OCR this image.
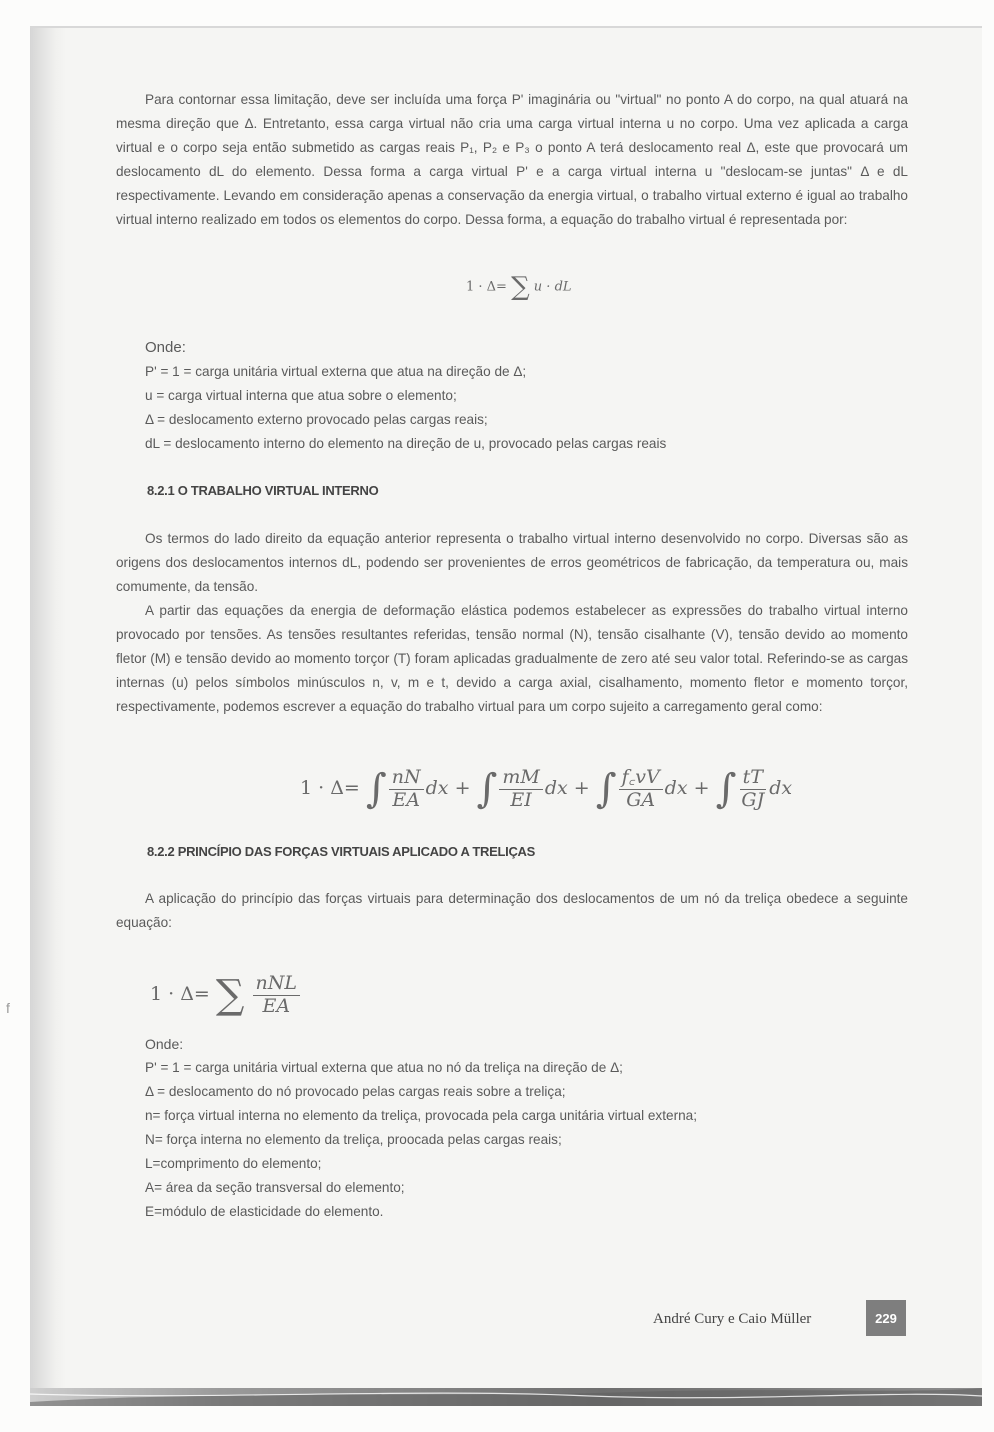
f

Para contornar essa limitação, deve ser incluída uma força P' imaginária ou "virtual" no ponto A do corpo, na qual atuará na mesma direção que Δ. Entretanto, essa carga virtual não cria uma carga virtual interna u no corpo. Uma vez aplicada a carga virtual e o corpo seja então submetido as cargas reais P₁, P₂ e P₃ o ponto A terá deslocamento real Δ, este que provocará um deslocamento dL do elemento. Dessa forma a carga virtual P' e a carga virtual interna u "deslocam-se juntas" Δ e dL respectivamente. Levando em consideração apenas a conservação da energia virtual, o trabalho virtual externo é igual ao trabalho virtual interno realizado em todos os elementos do corpo. Dessa forma, a equação do trabalho virtual é representada por:

1 · Δ= ∑ u · dL

Onde:

P' = 1 = carga unitária virtual externa que atua na direção de Δ;

u = carga virtual interna que atua sobre o elemento;

Δ = deslocamento externo provocado pelas cargas reais;

dL = deslocamento interno do elemento na direção de u, provocado pelas cargas reais

8.2.1 O TRABALHO VIRTUAL INTERNO

Os termos do lado direito da equação anterior representa o trabalho virtual interno desenvolvido no corpo. Diversas são as origens dos deslocamentos internos dL, podendo ser provenientes de erros geométricos de fabricação, da temperatura ou, mais comumente, da tensão.

A partir das equações da energia de deformação elástica podemos estabelecer as expressões do trabalho virtual interno provocado por tensões. As tensões resultantes referidas, tensão normal (N), tensão cisalhante (V), tensão devido ao momento fletor (M) e tensão devido ao momento torçor (T) foram aplicadas gradualmente de zero até seu valor total. Referindo-se as cargas internas (u) pelos símbolos minúsculos n, v, m e t, devido a carga axial, cisalhamento, momento fletor e momento torçor, respectivamente, podemos escrever a equação do trabalho virtual para um corpo sujeito a carregamento geral como:

1 · Δ= ∫ $\frac{nN}{EA}$ dx + ∫ $\frac{mM}{EI}$ dx + ∫ $\frac{f꜀vV}{GA}$ dx + ∫ $\frac{tT}{GJ}$ dx
8.2.2 PRINCÍPIO DAS FORÇAS VIRTUAIS APLICADO A TRELIÇAS

A aplicação do princípio das forças virtuais para determinação dos deslocamentos de um nó da treliça obedece a seguinte equação:

1 · Δ= ∑ $\frac{\text{nNL}}{EA}$

Onde:

P' = 1 = carga unitária virtual externa que atua no nó da treliça na direção de Δ;

Δ = deslocamento do nó provocado pelas cargas reais sobre a treliça;

n= força virtual interna no elemento da treliça, provocada pela carga unitária virtual externa;

N= força interna no elemento da treliça, proocada pelas cargas reais;

L=comprimento do elemento;

A= área da seção transversal do elemento;

E=módulo de elasticidade do elemento.

André Cury e Caio Müller	229
